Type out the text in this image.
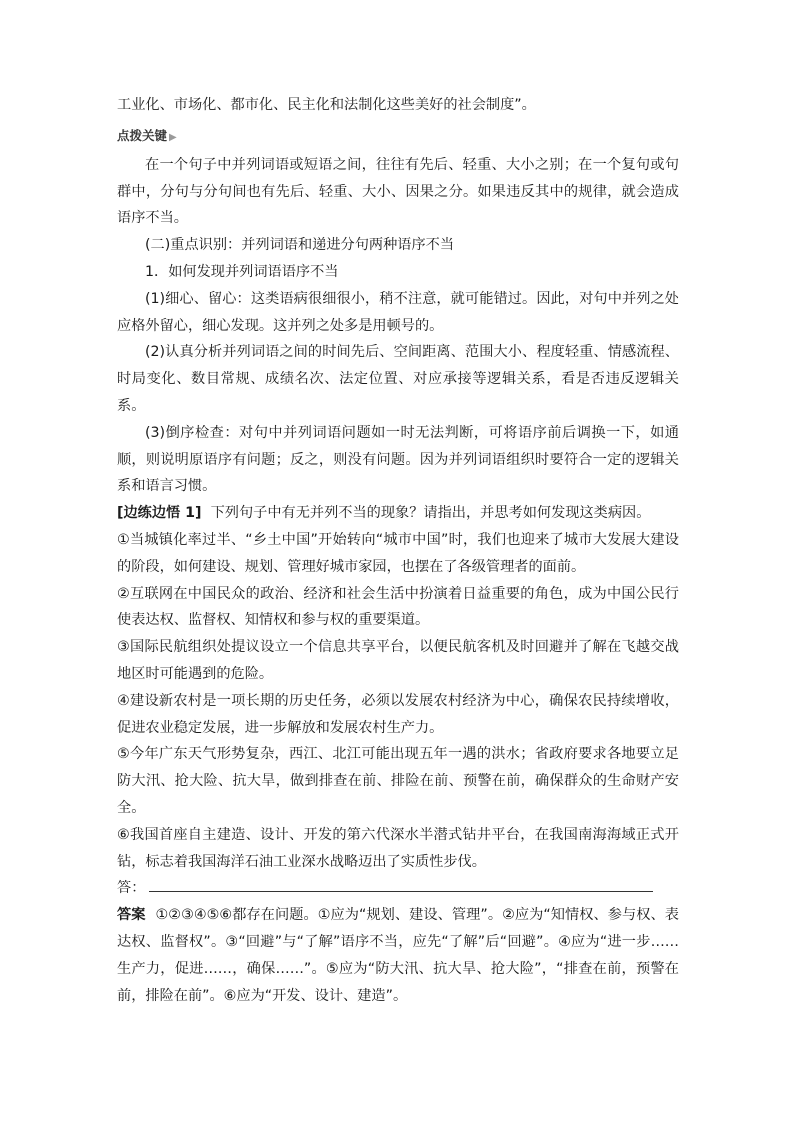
工业化、市场化、都市化、民主化和法制化这些美好的社会制度”。

点拨关键 ▶

在一个句子中并列词语或短语之间，往往有先后、轻重、大小之别；在一个复句或句群中，分句与分句间也有先后、轻重、大小、因果之分。如果违反其中的规律，就会造成语序不当。

(二)重点识别：并列词语和递进分句两种语序不当

1．如何发现并列词语语序不当

(1)细心、留心：这类语病很细很小，稍不注意，就可能错过。因此，对句中并列之处应格外留心，细心发现。这并列之处多是用顿号的。

(2)认真分析并列词语之间的时间先后、空间距离、范围大小、程度轻重、情感流程、时局变化、数目常规、成绩名次、法定位置、对应承接等逻辑关系，看是否违反逻辑关系。

(3)倒序检查：对句中并列词语问题如一时无法判断，可将语序前后调换一下，如通顺，则说明原语序有问题；反之，则没有问题。因为并列词语组织时要符合一定的逻辑关系和语言习惯。

[边练边悟 1] 下列句子中有无并列不当的现象？请指出，并思考如何发现这类病因。

①当城镇化率过半、“乡土中国”开始转向“城市中国”时，我们也迎来了城市大发展大建设的阶段，如何建设、规划、管理好城市家园，也摆在了各级管理者的面前。

②互联网在中国民众的政治、经济和社会生活中扮演着日益重要的角色，成为中国公民行使表达权、监督权、知情权和参与权的重要渠道。

③国际民航组织处提议设立一个信息共享平台，以便民航客机及时回避并了解在飞越交战地区时可能遇到的危险。

④建设新农村是一项长期的历史任务，必须以发展农村经济为中心，确保农民持续增收，促进农业稳定发展，进一步解放和发展农村生产力。

⑤今年广东天气形势复杂，西江、北江可能出现五年一遇的洪水；省政府要求各地要立足防大汛、抢大险、抗大旱，做到排查在前、排险在前、预警在前，确保群众的生命财产安全。

⑥我国首座自主建造、设计、开发的第六代深水半潜式钻井平台，在我国南海海域正式开钻，标志着我国海洋石油工业深水战略迈出了实质性步伐。

答：

答案 ①②③④⑤⑥都存在问题。①应为“规划、建设、管理”。②应为“知情权、参与权、表达权、监督权”。③“回避”与“了解”语序不当，应先“了解”后“回避”。④应为“进一步……生产力，促进……，确保……”。⑤应为“防大汛、抗大旱、抢大险”，“排查在前，预警在前，排险在前”。⑥应为“开发、设计、建造”。
